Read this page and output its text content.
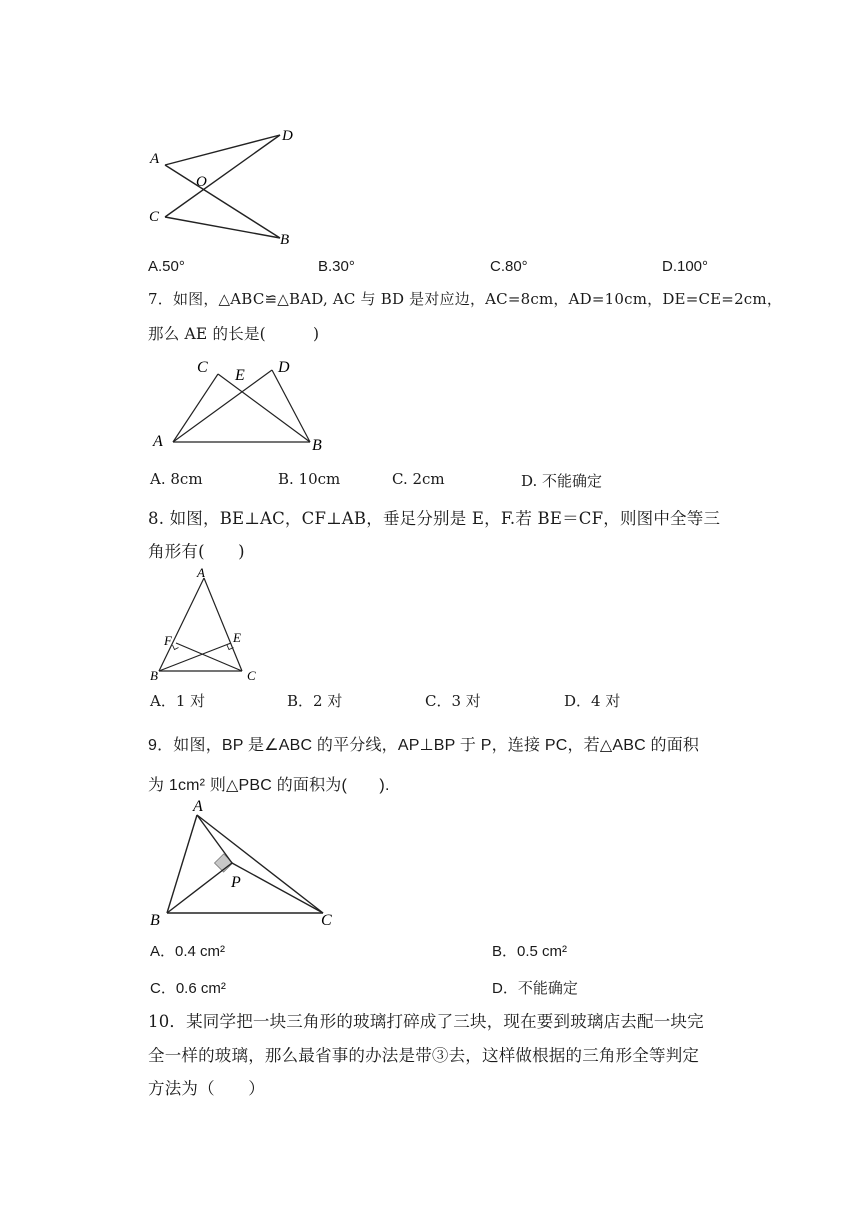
A
D
O
C
B
A.50°	B.30°	C.80°	D.100°
7．如图，△ABC≌△BAD, AC 与 BD 是对应边，AC=8cm，AD=10cm，DE=CE=2cm，
那么 AE 的长是(　　　)
C E D
A	B
A. 8cm	B. 10cm	C. 2cm	D. 不能确定
8. 如图，BE⊥AC，CF⊥AB，垂足分别是 E，F.若 BE＝CF，则图中全等三
角形有(　　)
A
F	E
B	C
A．1 对	B．2 对	C．3 对	D．4 对
9．如图，BP 是∠ABC 的平分线，AP⊥BP 于 P，连接 PC，若△ABC 的面积
为 1cm² 则△PBC 的面积为(　　).
A
P
B	C
A．0.4 cm²	B．0.5 cm²
C．0.6 cm²	D．不能确定
10．某同学把一块三角形的玻璃打碎成了三块，现在要到玻璃店去配一块完
全一样的玻璃，那么最省事的办法是带③去，这样做根据的三角形全等判定
方法为（　　）
